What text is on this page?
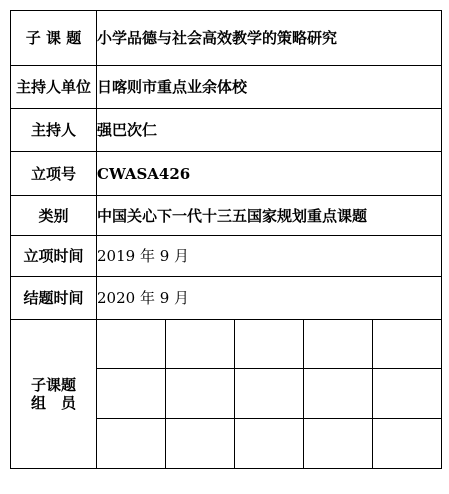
子 课 题	小学品德与社会高效教学的策略研究				
主持人单位	日喀则市重点业余体校				
主持人	强巴次仁				
立项号	CWASA426				
类别	中国关心下一代十三五国家规划重点课题				
立项时间	2019 年 9 月				
结题时间	2020 年 9 月				

子课题
组　员					
